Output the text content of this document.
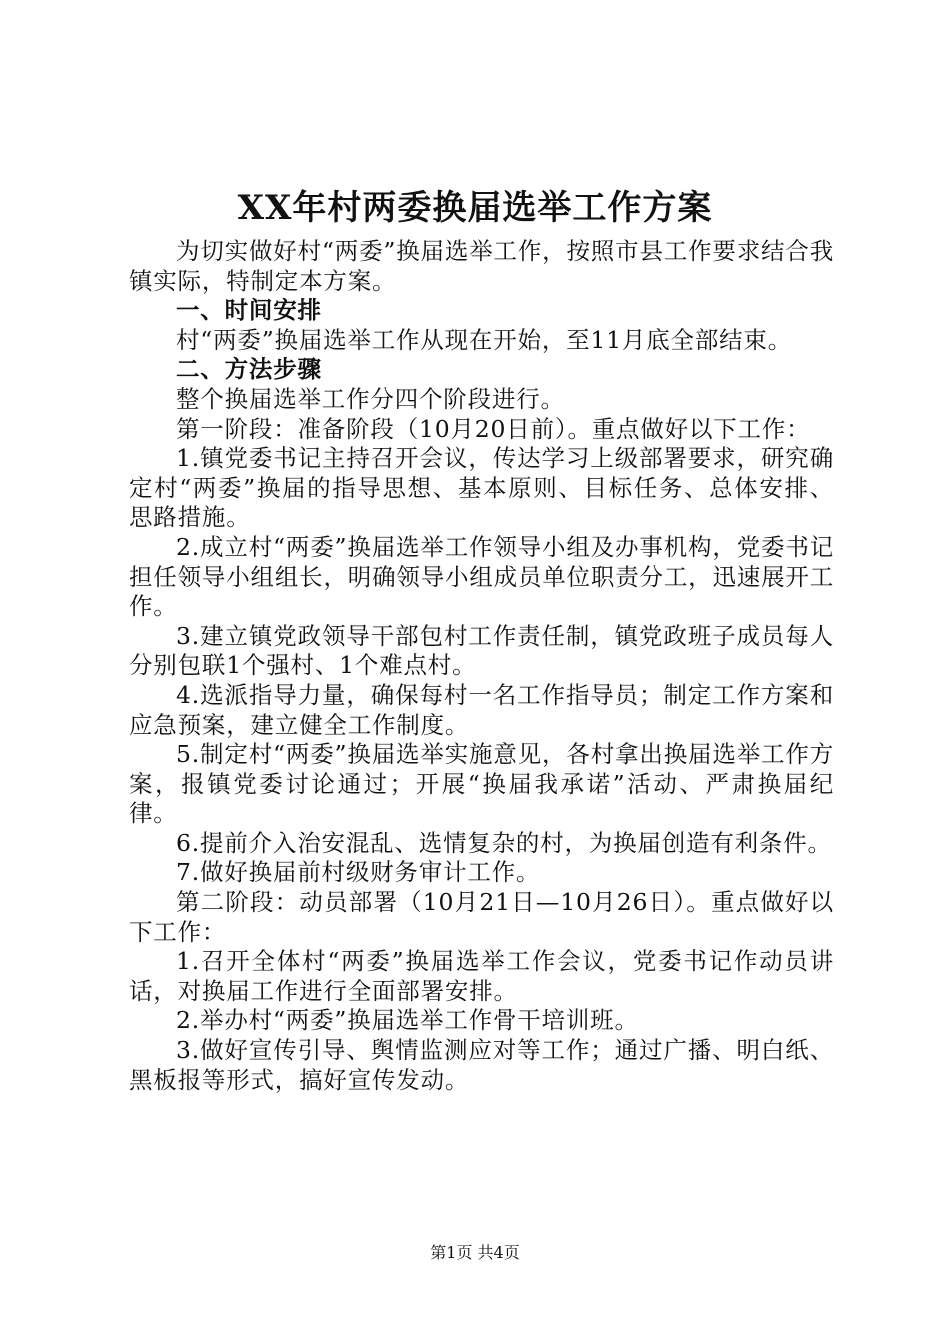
XX年村两委换届选举工作方案

为切实做好村“两委”换届选举工作，按照市县工作要求结合我镇实际，特制定本方案。

一、时间安排

村“两委”换届选举工作从现在开始，至11月底全部结束。

二、方法步骤

整个换届选举工作分四个阶段进行。

第一阶段：准备阶段（10月20日前）。重点做好以下工作：

1.镇党委书记主持召开会议，传达学习上级部署要求，研究确定村“两委”换届的指导思想、基本原则、目标任务、总体安排、思路措施。

2.成立村“两委”换届选举工作领导小组及办事机构，党委书记担任领导小组组长，明确领导小组成员单位职责分工，迅速展开工作。

3.建立镇党政领导干部包村工作责任制，镇党政班子成员每人分别包联1个强村、1个难点村。

4.选派指导力量，确保每村一名工作指导员；制定工作方案和应急预案，建立健全工作制度。

5.制定村“两委”换届选举实施意见，各村拿出换届选举工作方案，报镇党委讨论通过；开展“换届我承诺”活动、严肃换届纪律。

6.提前介入治安混乱、选情复杂的村，为换届创造有利条件。

7.做好换届前村级财务审计工作。

第二阶段：动员部署（10月21日—10月26日）。重点做好以下工作：

1.召开全体村“两委”换届选举工作会议，党委书记作动员讲话，对换届工作进行全面部署安排。

2.举办村“两委”换届选举工作骨干培训班。

3.做好宣传引导、舆情监测应对等工作；通过广播、明白纸、黑板报等形式，搞好宣传发动。

第1页 共4页
